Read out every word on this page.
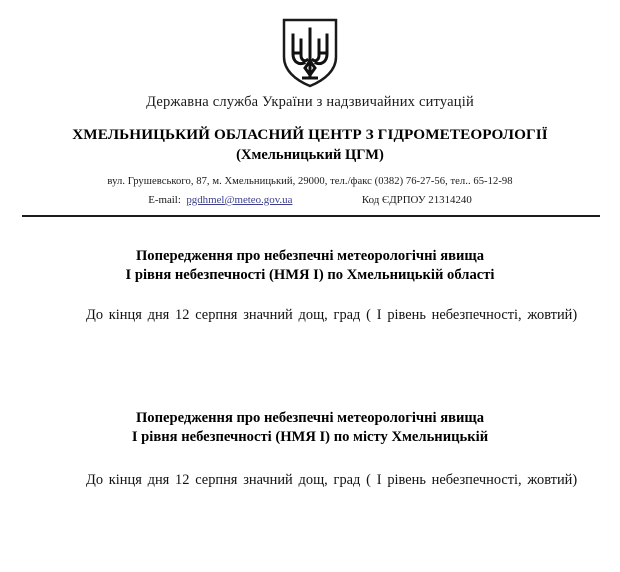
Державна служба України з надзвичайних ситуацій
ХМЕЛЬНИЦЬКИЙ ОБЛАСНИЙ ЦЕНТР З ГІДРОМЕТЕОРОЛОГІЇ
(Хмельницький ЦГМ)
вул. Грушевського, 87, м. Хмельницький, 29000, тел./факс (0382) 76-27-56, тел.. 65-12-98
E-mail: pgdhmel@meteo.gov.ua	Код ЄДРПОУ 21314240
Попередження про небезпечні метеорологічні явища
І рівня небезпечності (НМЯ І) по Хмельницькій області

До кінця дня 12 серпня значний дощ, град ( І рівень небезпечності, жовтий)

Попередження про небезпечні метеорологічні явища
І рівня небезпечності (НМЯ І) по місту Хмельницькій

До кінця дня 12 серпня значний дощ, град ( І рівень небезпечності, жовтий)
